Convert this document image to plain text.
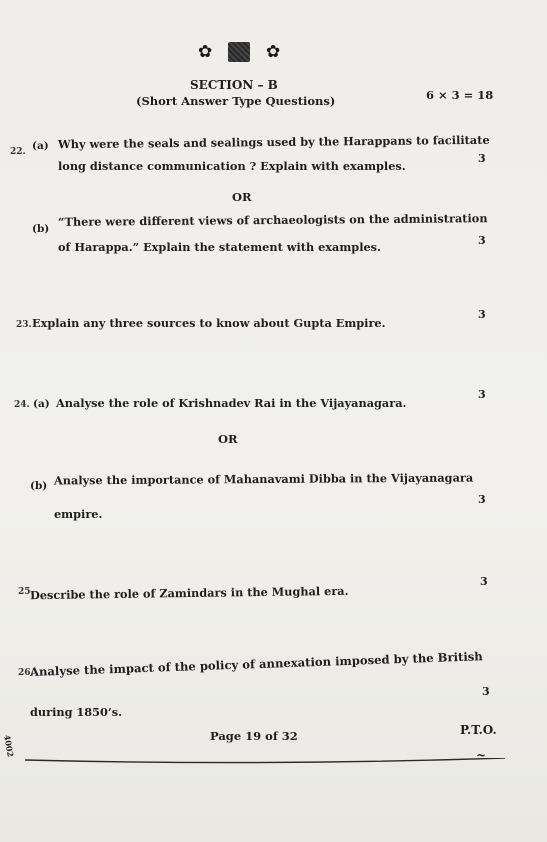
✿	✿
SECTION – B
(Short Answer Type Questions)	6 × 3 = 18
22. (a) Why were the seals and sealings used by the Harappans to facilitate
long distance communication ? Explain with examples.
3
OR
(b)
“There were different views of archaeologists on the administration
of Harappa.” Explain the statement with examples.	3
23. Explain any three sources to know about Gupta Empire.
3
24. (a) Analyse the role of Krishnadev Rai in the Vijayanagara.
3
OR
(b) Analyse the importance of Mahanavami Dibba in the Vijayanagara
empire.
3
25.
Describe the role of Zamindars in the Mughal era.
3
26.
Analyse the impact of the policy of annexation imposed by the British
during 1850’s.
3
4002	Page 19 of 32	P.T.O.
~
